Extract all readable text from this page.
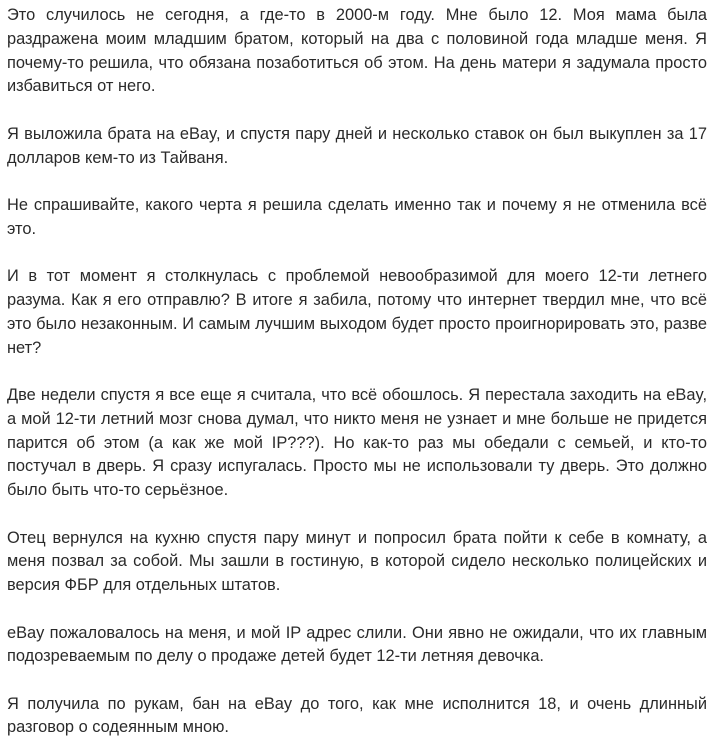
Это случилось не сегодня, а где-то в 2000-м году. Мне было 12. Моя мама была раздражена моим младшим братом, который на два с половиной года младше меня. Я почему-то решила, что обязана позаботиться об этом. На день матери я задумала просто избавиться от него.

Я выложила брата на eBay, и спустя пару дней и несколько ставок он был выкуплен за 17 долларов кем-то из Тайваня.

Не спрашивайте, какого черта я решила сделать именно так и почему я не отменила всё это.

И в тот момент я столкнулась с проблемой невообразимой для моего 12-ти летнего разума. Как я его отправлю? В итоге я забила, потому что интернет твердил мне, что всё это было незаконным. И самым лучшим выходом будет просто проигнорировать это, разве нет?

Две недели спустя я все еще я считала, что всё обошлось. Я перестала заходить на eBay, а мой 12-ти летний мозг снова думал, что никто меня не узнает и мне больше не придется парится об этом (а как же мой IP???). Но как-то раз мы обедали с семьей, и кто-то постучал в дверь. Я сразу испугалась. Просто мы не использовали ту дверь. Это должно было быть что-то серьёзное.

Отец вернулся на кухню спустя пару минут и попросил брата пойти к себе в комнату, а меня позвал за собой. Мы зашли в гостиную, в которой сидело несколько полицейских и версия ФБР для отдельных штатов.

eBay пожаловалось на меня, и мой IP адрес слили. Они явно не ожидали, что их главным подозреваемым по делу о продаже детей будет 12-ти летняя девочка.

Я получила по рукам, бан на eBay до того, как мне исполнится 18, и очень длинный разговор о содеянным мною.
